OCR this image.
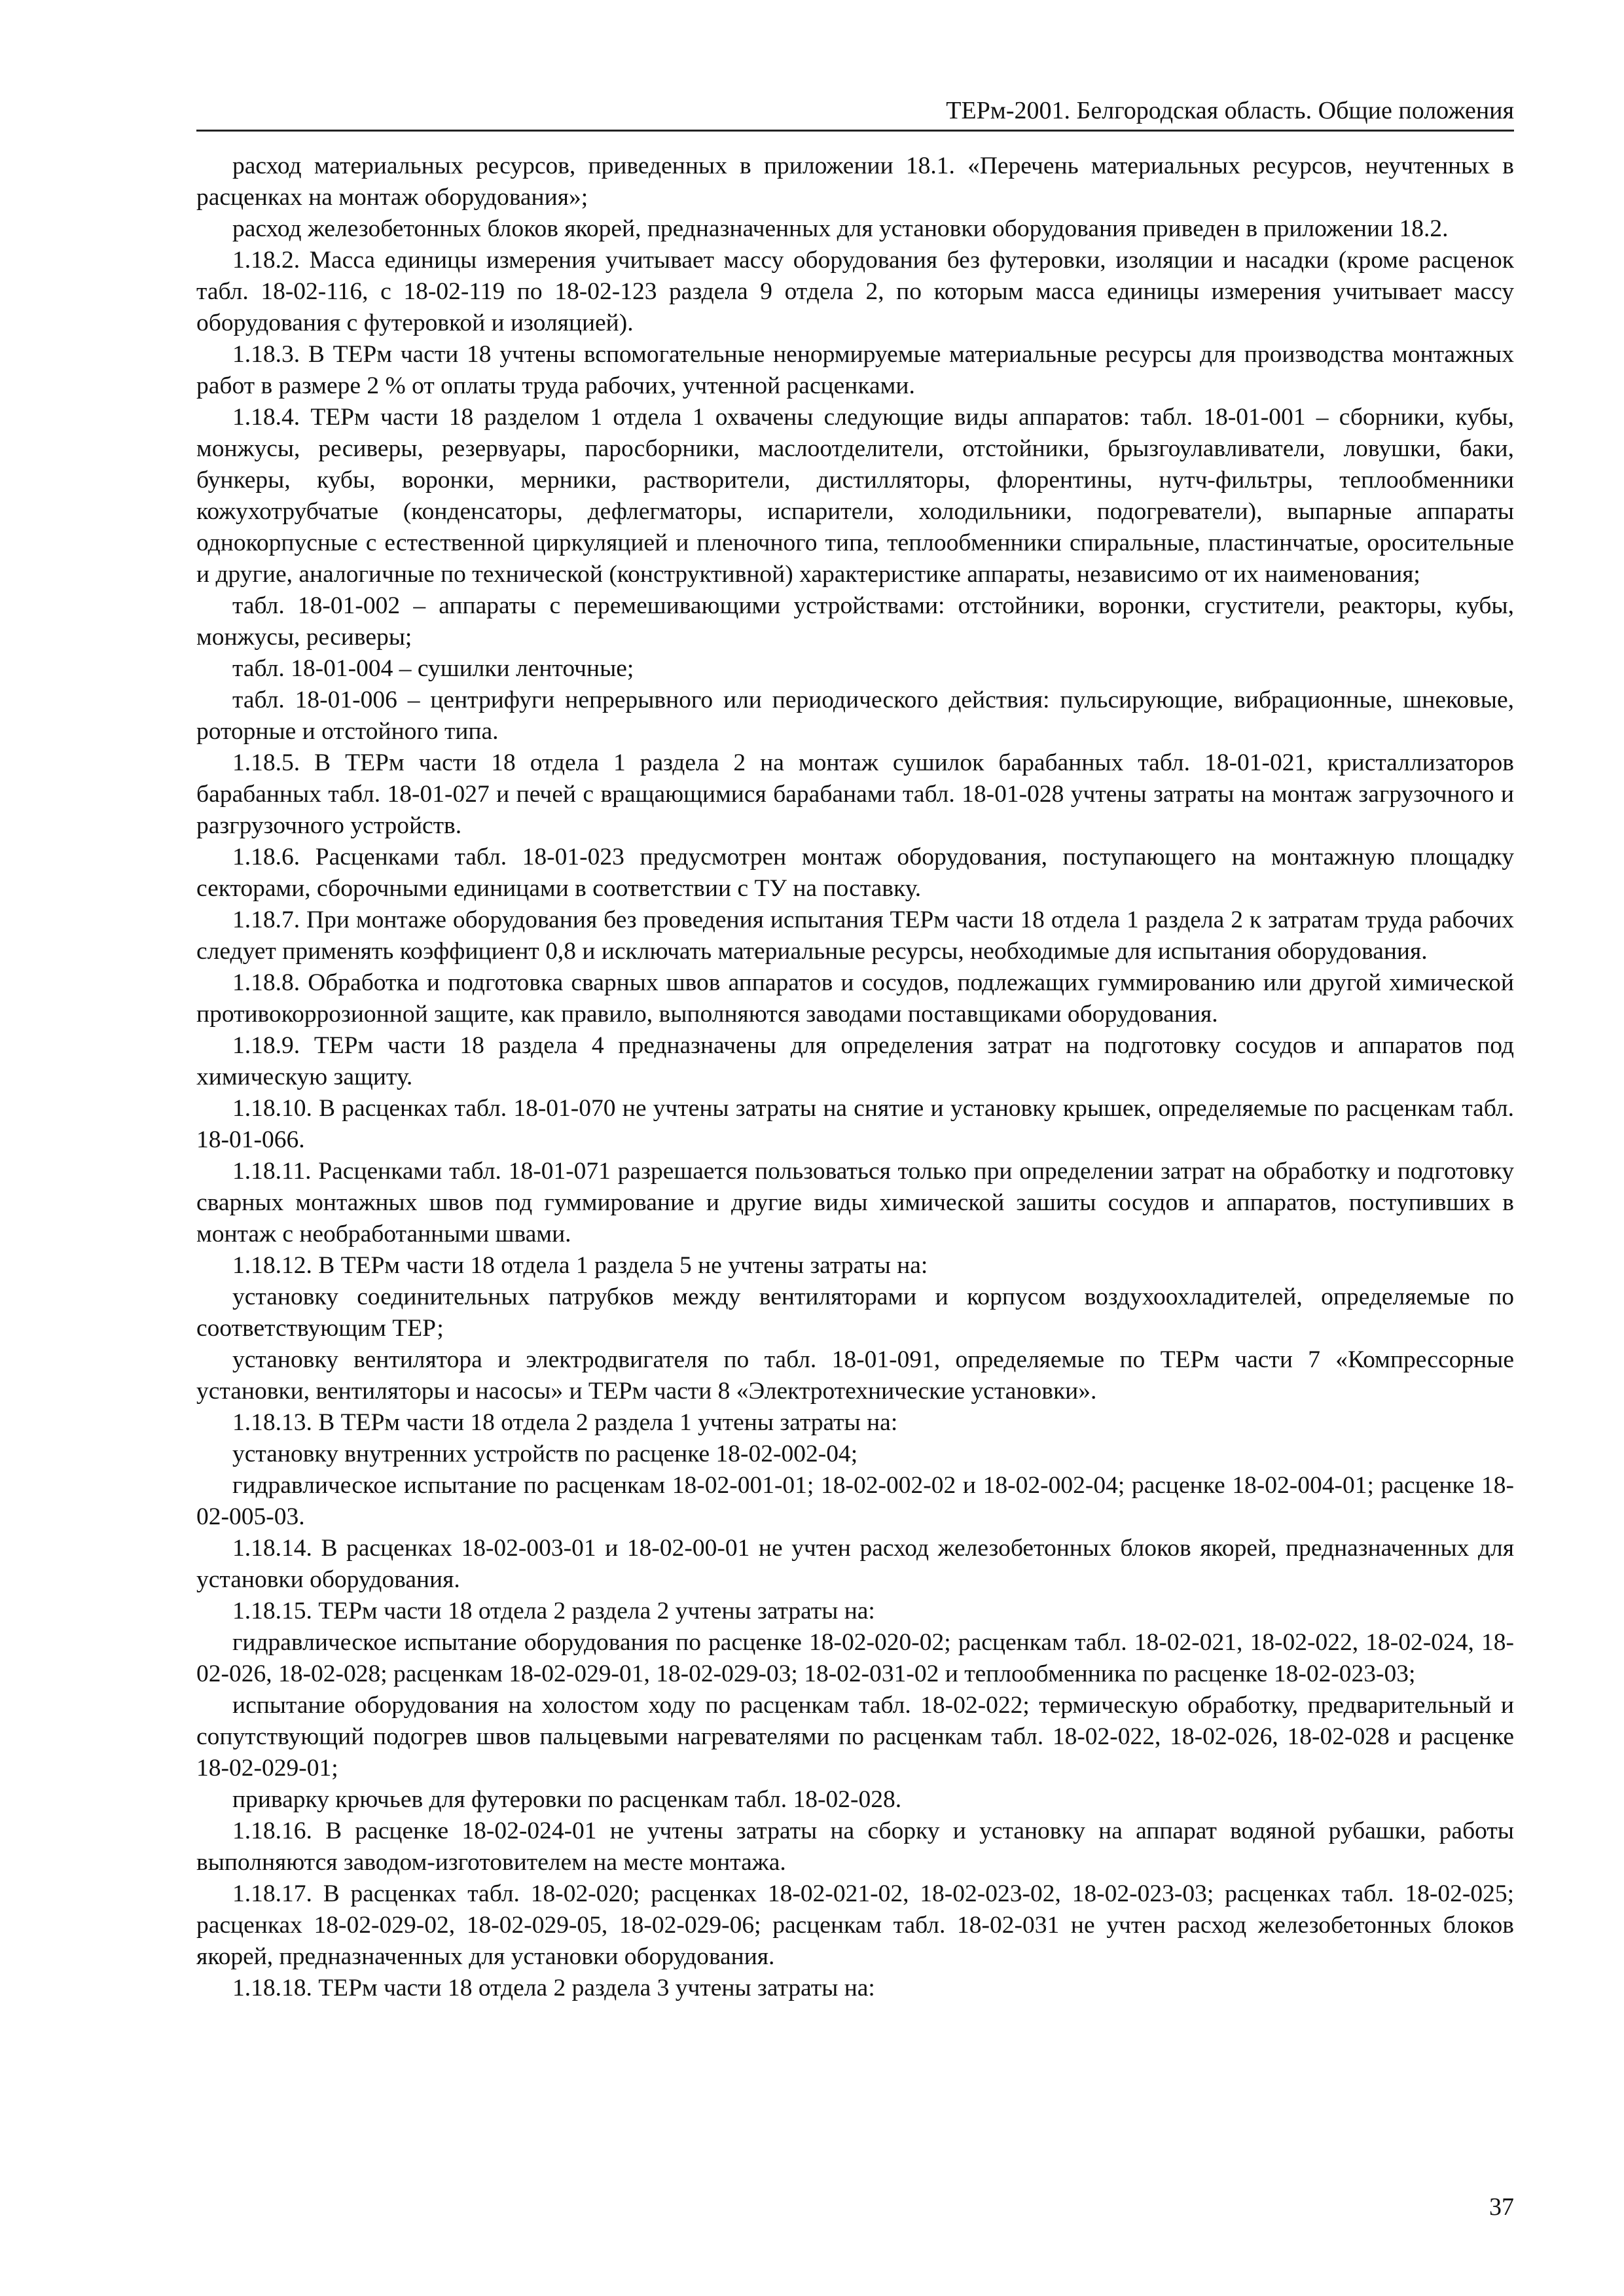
ТЕРм-2001. Белгородская область. Общие положения

расход материальных ресурсов, приведенных в приложении 18.1. «Перечень материальных ресурсов, неучтенных в расценках на монтаж оборудования»;

расход железобетонных блоков якорей, предназначенных для установки оборудования приведен в приложении 18.2.

1.18.2. Масса единицы измерения учитывает массу оборудования без футеровки, изоляции и насадки (кроме расценок табл. 18-02-116, с 18-02-119 по 18-02-123 раздела 9 отдела 2, по которым масса единицы измерения учитывает массу оборудования с футеровкой и изоляцией).

1.18.3. В ТЕРм части 18 учтены вспомогательные ненормируемые материальные ресурсы для производства монтажных работ в размере 2 % от оплаты труда рабочих, учтенной расценками.

1.18.4. ТЕРм части 18 разделом 1 отдела 1 охвачены следующие виды аппаратов: табл. 18-01-001 – сборники, кубы, монжусы, ресиверы, резервуары, паросборники, маслоотделители, отстойники, брызгоулавливатели, ловушки, баки, бункеры, кубы, воронки, мерники, растворители, дистилляторы, флорентины, нутч-фильтры, теплообменники кожухотрубчатые (конденсаторы, дефлегматоры, испарители, холодильники, подогреватели), выпарные аппараты однокорпусные с естественной циркуляцией и пленочного типа, теплообменники спиральные, пластинчатые, оросительные и другие, аналогичные по технической (конструктивной) характеристике аппараты, независимо от их наименования;

табл. 18-01-002 – аппараты с перемешивающими устройствами: отстойники, воронки, сгустители, реакторы, кубы, монжусы, ресиверы;

табл. 18-01-004 – сушилки ленточные;

табл. 18-01-006 – центрифуги непрерывного или периодического действия: пульсирующие, вибрационные, шнековые, роторные и отстойного типа.

1.18.5. В ТЕРм части 18 отдела 1 раздела 2 на монтаж сушилок барабанных табл. 18-01-021, кристаллизаторов барабанных табл. 18-01-027 и печей с вращающимися барабанами табл. 18-01-028 учтены затраты на монтаж загрузочного и разгрузочного устройств.

1.18.6. Расценками табл. 18-01-023 предусмотрен монтаж оборудования, поступающего на монтажную площадку секторами, сборочными единицами в соответствии с ТУ на поставку.

1.18.7. При монтаже оборудования без проведения испытания ТЕРм части 18 отдела 1 раздела 2 к затратам труда рабочих следует применять коэффициент 0,8 и исключать материальные ресурсы, необходимые для испытания оборудования.

1.18.8. Обработка и подготовка сварных швов аппаратов и сосудов, подлежащих гуммированию или другой химической противокоррозионной защите, как правило, выполняются заводами поставщиками оборудования.

1.18.9. ТЕРм части 18 раздела 4 предназначены для определения затрат на подготовку сосудов и аппаратов под химическую защиту.

1.18.10. В расценках табл. 18-01-070 не учтены затраты на снятие и установку крышек, определяемые по расценкам табл. 18-01-066.

1.18.11. Расценками табл. 18-01-071 разрешается пользоваться только при определении затрат на обработку и подготовку сварных монтажных швов под гуммирование и другие виды химической зашиты сосудов и аппаратов, поступивших в монтаж с необработанными швами.

1.18.12. В ТЕРм части 18 отдела 1 раздела 5 не учтены затраты на:

установку соединительных патрубков между вентиляторами и корпусом воздухоохладителей, определяемые по соответствующим ТЕР;

установку вентилятора и электродвигателя по табл. 18-01-091, определяемые по ТЕРм части 7 «Компрессорные установки, вентиляторы и насосы» и ТЕРм части 8 «Электротехнические установки».

1.18.13. В ТЕРм части 18 отдела 2 раздела 1 учтены затраты на:

установку внутренних устройств по расценке 18-02-002-04;

гидравлическое испытание по расценкам 18-02-001-01; 18-02-002-02 и 18-02-002-04; расценке 18-02-004-01; расценке 18-02-005-03.

1.18.14. В расценках 18-02-003-01 и 18-02-00-01 не учтен расход железобетонных блоков якорей, предназначенных для установки оборудования.

1.18.15. ТЕРм части 18 отдела 2 раздела 2 учтены затраты на:

гидравлическое испытание оборудования по расценке 18-02-020-02; расценкам табл. 18-02-021, 18-02-022, 18-02-024, 18-02-026, 18-02-028; расценкам 18-02-029-01, 18-02-029-03; 18-02-031-02 и теплообменника по расценке 18-02-023-03;

испытание оборудования на холостом ходу по расценкам табл. 18-02-022; термическую обработку, предварительный и сопутствующий подогрев швов пальцевыми нагревателями по расценкам табл. 18-02-022, 18-02-026, 18-02-028 и расценке 18-02-029-01;

приварку крючьев для футеровки по расценкам табл. 18-02-028.

1.18.16. В расценке 18-02-024-01 не учтены затраты на сборку и установку на аппарат водяной рубашки, работы выполняются заводом-изготовителем на месте монтажа.

1.18.17. В расценках табл. 18-02-020; расценках 18-02-021-02, 18-02-023-02, 18-02-023-03; расценках табл. 18-02-025; расценках 18-02-029-02, 18-02-029-05, 18-02-029-06; расценкам табл. 18-02-031 не учтен расход железобетонных блоков якорей, предназначенных для установки оборудования.

1.18.18. ТЕРм части 18 отдела 2 раздела 3 учтены затраты на:

37
